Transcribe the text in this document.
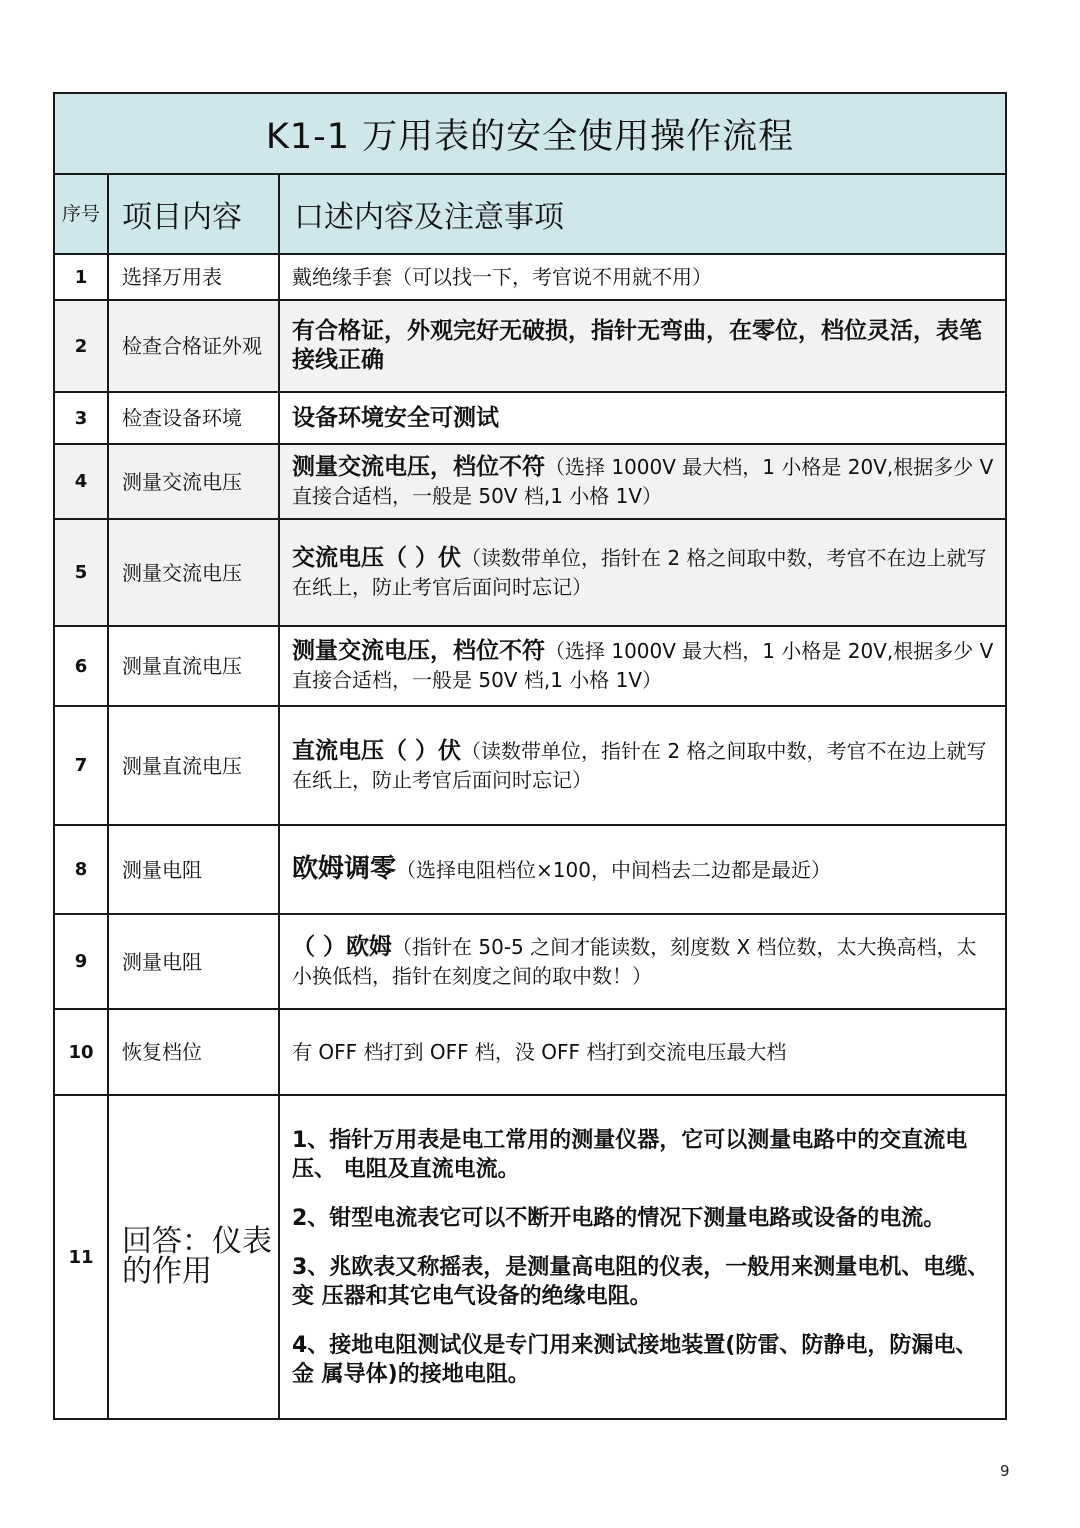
K1-1 万用表的安全使用操作流程		
序号	项目内容	口述内容及注意事项
1	选择万用表	戴绝缘手套（可以找一下，考官说不用就不用）
2	检查合格证外观	有合格证，外观完好无破损，指针无弯曲，在零位，档位灵活，表笔接线正确
3	检查设备环境	设备环境安全可测试
4	测量交流电压	测量交流电压，档位不符（选择 1000V 最大档，1 小格是 20V,根据多少 V 直接合适档，一般是 50V 档,1 小格 1V）
5	测量交流电压	交流电压（ ）伏（读数带单位，指针在 2 格之间取中数，考官不在边上就写在纸上，防止考官后面问时忘记）
6	测量直流电压	测量交流电压，档位不符（选择 1000V 最大档，1 小格是 20V,根据多少 V 直接合适档，一般是 50V 档,1 小格 1V）
7	测量直流电压	直流电压（ ）伏（读数带单位，指针在 2 格之间取中数，考官不在边上就写在纸上，防止考官后面问时忘记）
8	测量电阻	欧姆调零（选择电阻档位×100，中间档去二边都是最近）
9	测量电阻	（ ）欧姆（指针在 50-5 之间才能读数，刻度数 X 档位数，太大换高档，太小换低档，指针在刻度之间的取中数！）
10	恢复档位	有 OFF 档打到 OFF 档，没 OFF 档打到交流电压最大档
11	回答：仪表的作用	1、指针万用表是电工常用的测量仪器，它可以测量电路中的交直流电压、 电阻及直流电流。

2、钳型电流表它可以不断开电路的情况下测量电路或设备的电流。

3、兆欧表又称摇表，是测量高电阻的仪表，一般用来测量电机、电缆、变 压器和其它电气设备的绝缘电阻。

4、接地电阻测试仪是专门用来测试接地装置(防雷、防静电，防漏电、金 属导体)的接地电阻。

9
